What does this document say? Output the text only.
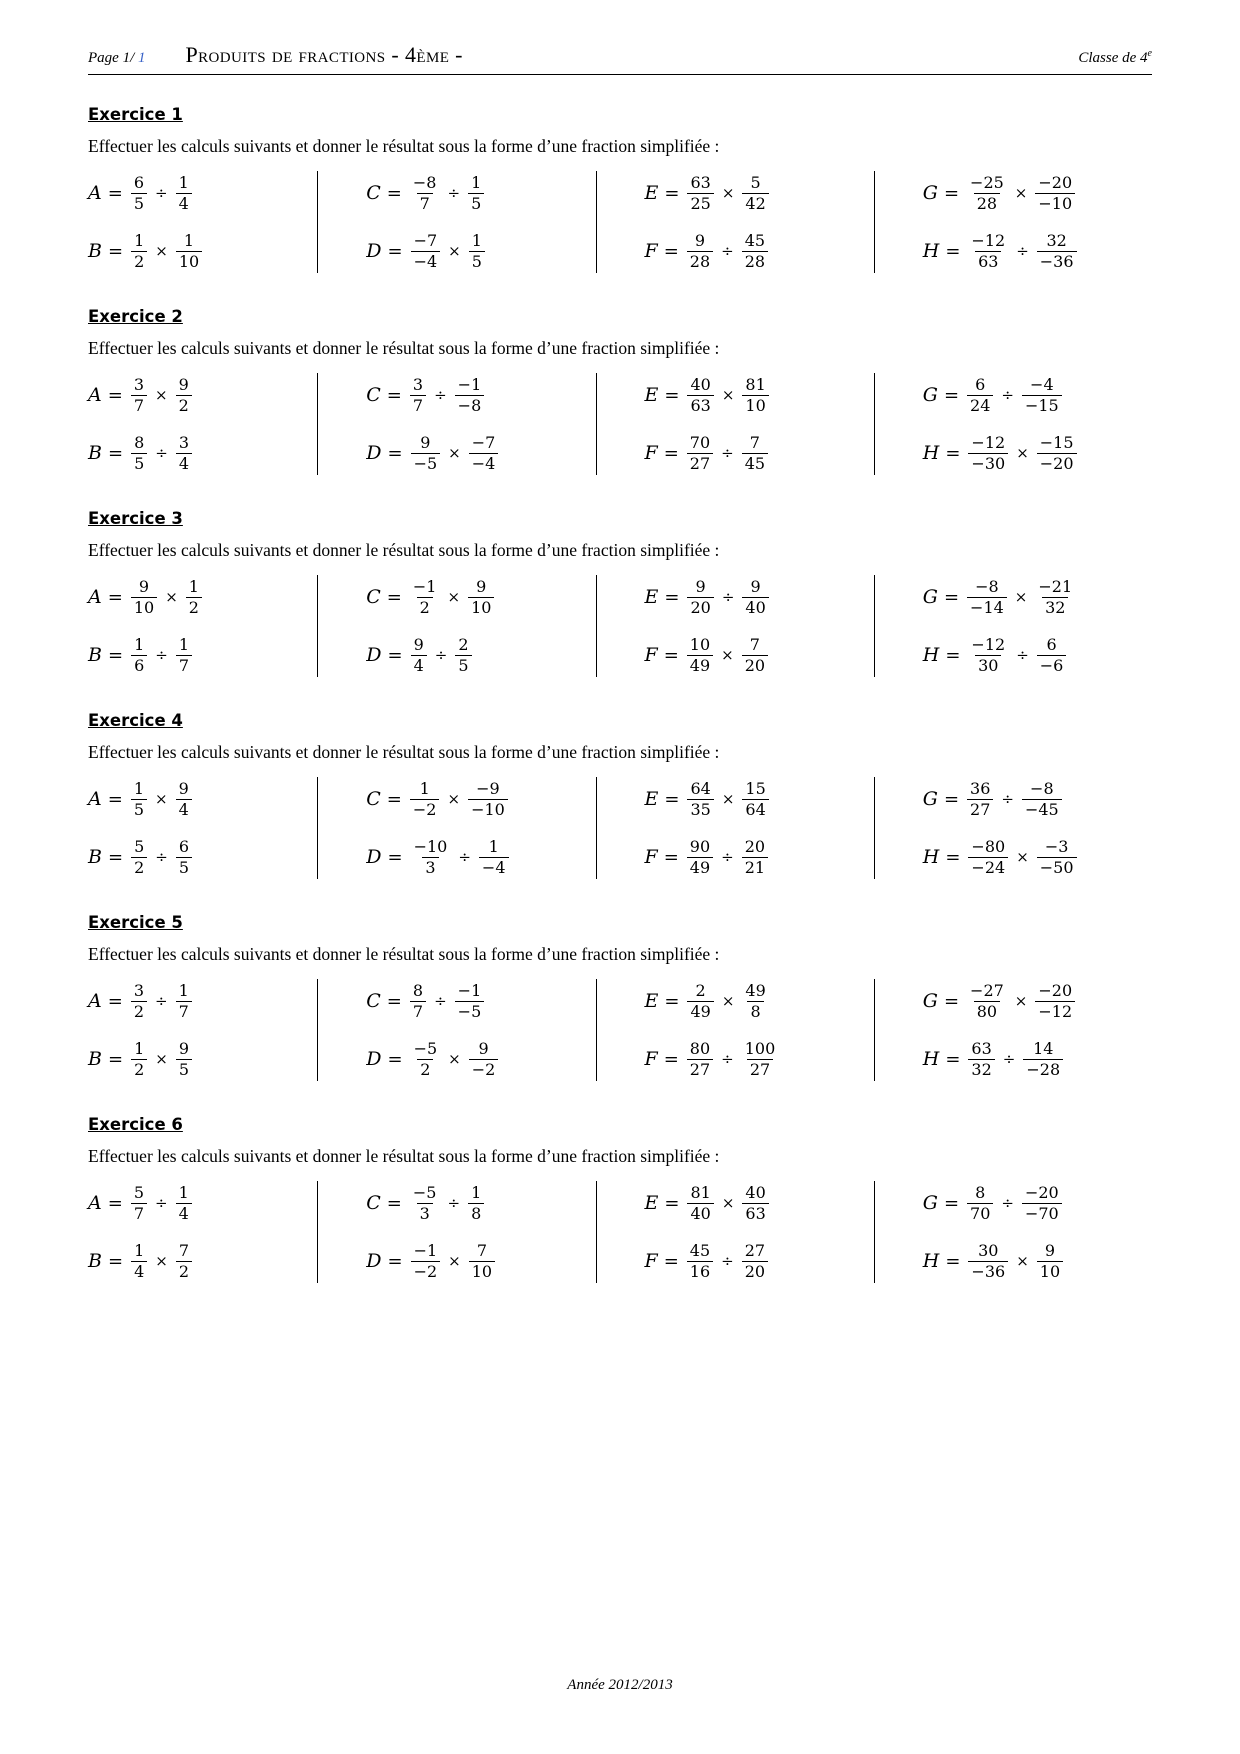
Page 1/ 1	Produits de fractions - 4ème -	Classe de 4e
Exercice 1
Effectuer les calculs suivants et donner le résultat sous la forme d’une fraction simplifiée :
$A = \frac{6}{5} \div \frac{1}{4}$
$B = \frac{1}{2} \times \frac{1}{10}$
$C = \frac{-8}{7} \div \frac{1}{5}$
$D = \frac{-7}{-4} \times \frac{1}{5}$
$E = \frac{63}{25} \times \frac{5}{42}$
$F = \frac{9}{28} \div \frac{45}{28}$
$G = \frac{-25}{28} \times \frac{-20}{-10}$
$H = \frac{-12}{63} \div \frac{32}{-36}$
Exercice 2
Effectuer les calculs suivants et donner le résultat sous la forme d’une fraction simplifiée :
$A = \frac{3}{7} \times \frac{9}{2}$
$B = \frac{8}{5} \div \frac{3}{4}$
$C = \frac{3}{7} \div \frac{-1}{-8}$
$D = \frac{9}{-5} \times \frac{-7}{-4}$
$E = \frac{40}{63} \times \frac{81}{10}$
$F = \frac{70}{27} \div \frac{7}{45}$
$G = \frac{6}{24} \div \frac{-4}{-15}$
$H = \frac{-12}{-30} \times \frac{-15}{-20}$
Exercice 3
Effectuer les calculs suivants et donner le résultat sous la forme d’une fraction simplifiée :
$A = \frac{9}{10} \times \frac{1}{2}$
$B = \frac{1}{6} \div \frac{1}{7}$
$C = \frac{-1}{2} \times \frac{9}{10}$
$D = \frac{9}{4} \div \frac{2}{5}$
$E = \frac{9}{20} \div \frac{9}{40}$
$F = \frac{10}{49} \times \frac{7}{20}$
$G = \frac{-8}{-14} \times \frac{-21}{32}$
$H = \frac{-12}{30} \div \frac{6}{-6}$
Exercice 4
Effectuer les calculs suivants et donner le résultat sous la forme d’une fraction simplifiée :
$A = \frac{1}{5} \times \frac{9}{4}$
$B = \frac{5}{2} \div \frac{6}{5}$
$C = \frac{1}{-2} \times \frac{-9}{-10}$
$D = \frac{-10}{3} \div \frac{1}{-4}$
$E = \frac{64}{35} \times \frac{15}{64}$
$F = \frac{90}{49} \div \frac{20}{21}$
$G = \frac{36}{27} \div \frac{-8}{-45}$
$H = \frac{-80}{-24} \times \frac{-3}{-50}$
Exercice 5
Effectuer les calculs suivants et donner le résultat sous la forme d’une fraction simplifiée :
$A = \frac{3}{2} \div \frac{1}{7}$
$B = \frac{1}{2} \times \frac{9}{5}$
$C = \frac{8}{7} \div \frac{-1}{-5}$
$D = \frac{-5}{2} \times \frac{9}{-2}$
$E = \frac{2}{49} \times \frac{49}{8}$
$F = \frac{80}{27} \div \frac{100}{27}$
$G = \frac{-27}{80} \times \frac{-20}{-12}$
$H = \frac{63}{32} \div \frac{14}{-28}$
Exercice 6
Effectuer les calculs suivants et donner le résultat sous la forme d’une fraction simplifiée :
$A = \frac{5}{7} \div \frac{1}{4}$
$B = \frac{1}{4} \times \frac{7}{2}$
$C = \frac{-5}{3} \div \frac{1}{8}$
$D = \frac{-1}{-2} \times \frac{7}{10}$
$E = \frac{81}{40} \times \frac{40}{63}$
$F = \frac{45}{16} \div \frac{27}{20}$
$G = \frac{8}{70} \div \frac{-20}{-70}$
$H = \frac{30}{-36} \times \frac{9}{10}$
Année 2012/2013
